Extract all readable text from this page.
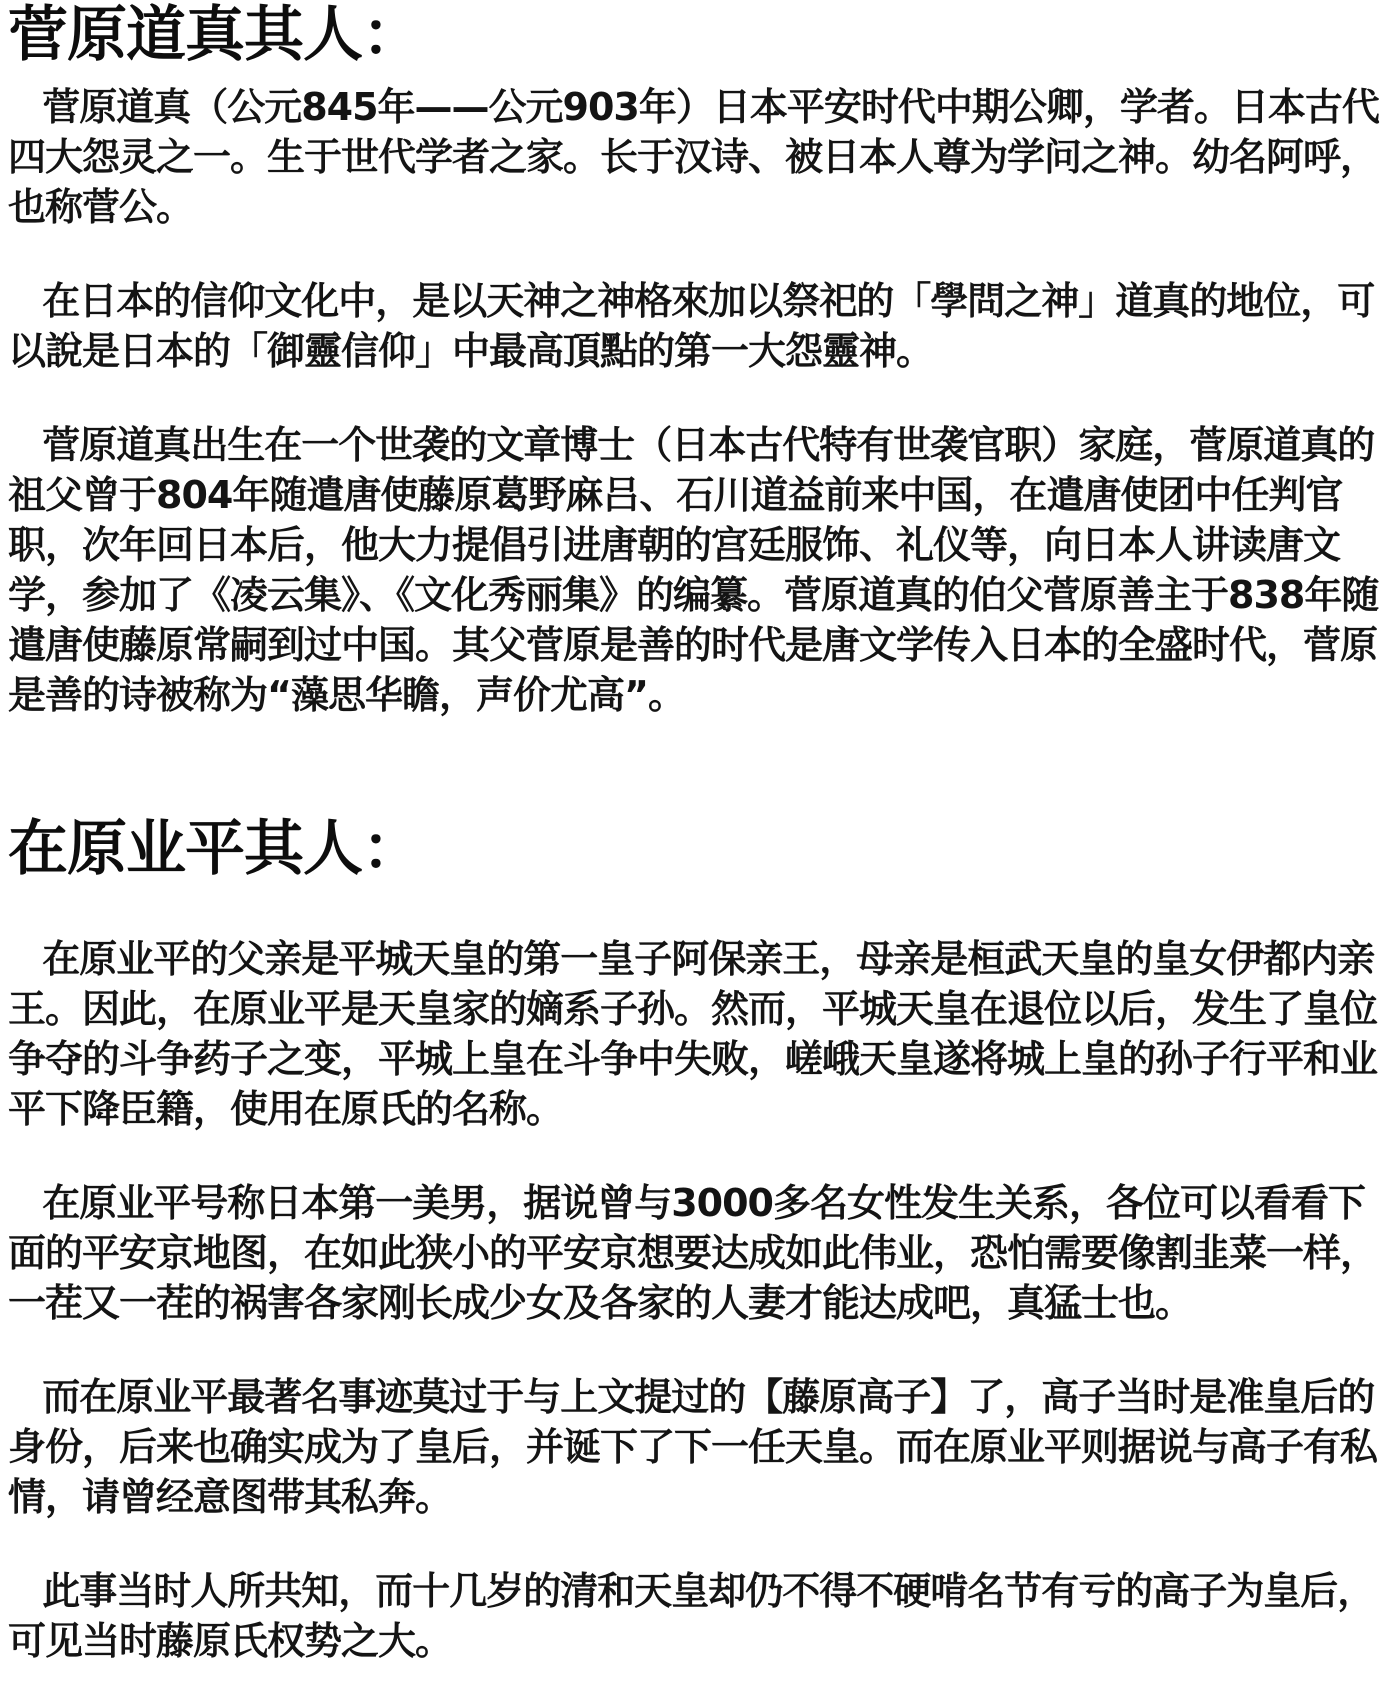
菅原道真其人：

菅原道真（公元845年——公元903年）日本平安时代中期公卿，学者。日本古代四大怨灵之一。生于世代学者之家。长于汉诗、被日本人尊为学问之神。幼名阿呼，也称菅公。

在日本的信仰文化中，是以天神之神格來加以祭祀的「學問之神」道真的地位，可以說是日本的「御靈信仰」中最高頂點的第一大怨靈神。

菅原道真出生在一个世袭的文章博士（日本古代特有世袭官职）家庭，菅原道真的祖父曾于804年随遣唐使藤原葛野麻吕、石川道益前来中国，在遣唐使团中任判官职，次年回日本后，他大力提倡引进唐朝的宫廷服饰、礼仪等，向日本人讲读唐文学，参加了《凌云集》、《文化秀丽集》的编纂。菅原道真的伯父菅原善主于838年随遣唐使藤原常嗣到过中国。其父菅原是善的时代是唐文学传入日本的全盛时代，菅原是善的诗被称为“藻思华瞻，声价尤高”。

在原业平其人：

在原业平的父亲是平城天皇的第一皇子阿保亲王，母亲是桓武天皇的皇女伊都内亲王。因此，在原业平是天皇家的嫡系子孙。然而，平城天皇在退位以后，发生了皇位争夺的斗争药子之变，平城上皇在斗争中失败，嵯峨天皇遂将城上皇的孙子行平和业平下降臣籍，使用在原氏的名称。

在原业平号称日本第一美男，据说曾与3000多名女性发生关系，各位可以看看下面的平安京地图，在如此狭小的平安京想要达成如此伟业，恐怕需要像割韭菜一样，一茬又一茬的祸害各家刚长成少女及各家的人妻才能达成吧，真猛士也。

而在原业平最著名事迹莫过于与上文提过的【藤原高子】了，高子当时是准皇后的身份，后来也确实成为了皇后，并诞下了下一任天皇。而在原业平则据说与高子有私情，请曾经意图带其私奔。

此事当时人所共知，而十几岁的清和天皇却仍不得不硬啃名节有亏的高子为皇后，可见当时藤原氏权势之大。
